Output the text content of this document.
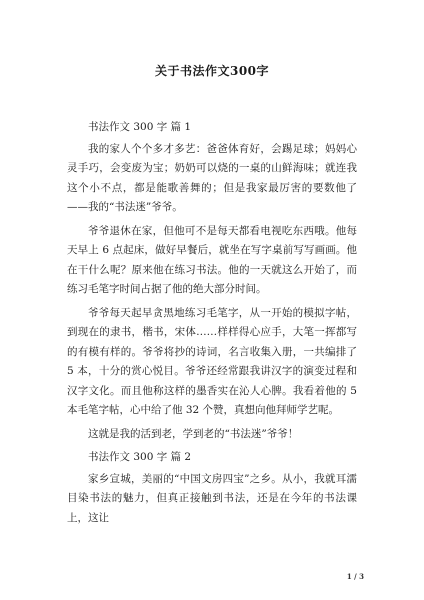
关于书法作文300字

书法作文 300 字 篇 1

我的家人个个多才多艺：爸爸体育好，会踢足球；妈妈心灵手巧，会变废为宝；奶奶可以烧的一桌的山鲜海味；就连我这个小不点，都是能歌善舞的；但是我家最厉害的要数他了——我的“书法迷”爷爷。

爷爷退休在家，但他可不是每天都看电视吃东西哦。他每天早上 6 点起床，做好早餐后，就坐在写字桌前写写画画。他在干什么呢？原来他在练习书法。他的一天就这么开始了，而练习毛笔字时间占据了他的绝大部分时间。

爷爷每天起早贪黑地练习毛笔字，从一开始的模拟字帖，到现在的隶书，楷书，宋体……样样得心应手，大笔一挥都写的有模有样的。爷爷将抄的诗词，名言收集入册，一共编排了 5 本，十分的赏心悦目。爷爷还经常跟我讲汉字的演变过程和汉字文化。而且他称这样的墨香实在沁人心脾。我看着他的 5 本毛笔字帖，心中给了他 32 个赞，真想向他拜师学艺呢。

这就是我的活到老，学到老的“书法迷”爷爷！

书法作文 300 字 篇 2

家乡宣城，美丽的“中国文房四宝”之乡。从小，我就耳濡目染书法的魅力，但真正接触到书法，还是在今年的书法课上，这让

1 / 3
